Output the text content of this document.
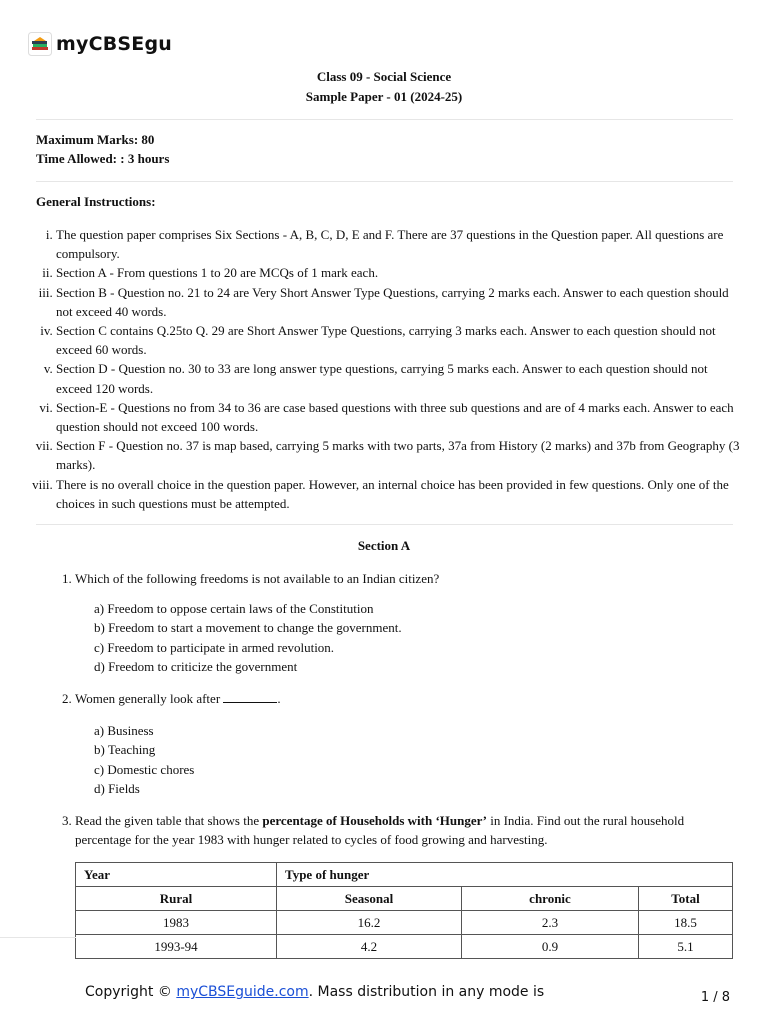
myCBSEgu
Class 09 - Social Science
Sample Paper - 01 (2024-25)
Maximum Marks: 80
Time Allowed: : 3 hours
General Instructions:
i. The question paper comprises Six Sections - A, B, C, D, E and F. There are 37 questions in the Question paper. All questions are compulsory.
ii. Section A - From questions 1 to 20 are MCQs of 1 mark each.
iii. Section B - Question no. 21 to 24 are Very Short Answer Type Questions, carrying 2 marks each. Answer to each question should not exceed 40 words.
iv. Section C contains Q.25to Q. 29 are Short Answer Type Questions, carrying 3 marks each. Answer to each question should not exceed 60 words.
v. Section D - Question no. 30 to 33 are long answer type questions, carrying 5 marks each. Answer to each question should not exceed 120 words.
vi. Section-E - Questions no from 34 to 36 are case based questions with three sub questions and are of 4 marks each. Answer to each question should not exceed 100 words.
vii. Section F - Question no. 37 is map based, carrying 5 marks with two parts, 37a from History (2 marks) and 37b from Geography (3 marks).
viii. There is no overall choice in the question paper. However, an internal choice has been provided in few questions. Only one of the choices in such questions must be attempted.
Section A
1. Which of the following freedoms is not available to an Indian citizen?
a) Freedom to oppose certain laws of the Constitution
b) Freedom to start a movement to change the government.
c) Freedom to participate in armed revolution.
d) Freedom to criticize the government
2. Women generally look after	.
a) Business
b) Teaching
c) Domestic chores
d) Fields
3. Read the given table that shows the percentage of Households with ‘Hunger’ in India. Find out the rural household percentage for the year 1983 with hunger related to cycles of food growing and harvesting.
Year	Type of hunger		
Rural	Seasonal	chronic	Total
1983	16.2	2.3	18.5
1993-94	4.2	0.9	5.1
Copyright © myCBSEguide.com. Mass distribution in any mode is	1 / 8
